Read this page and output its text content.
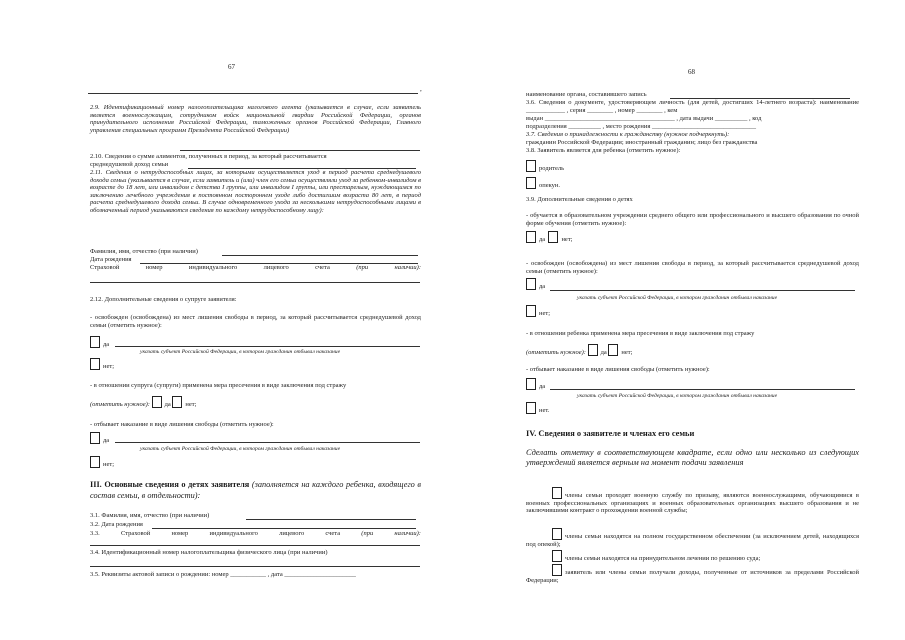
67
,
2.9. Идентификационный номер налогоплательщика налогового агента (указывается в случае, если заявитель является военнослужащим, сотрудником войск национальной гвардии Российской Федерации, органов принудительного исполнения Российской Федерации, таможенных органов Российской Федерации, Главного управления специальных программ Президента Российской Федерации)
2.10. Сведения о сумме алиментов, полученных в период, за который рассчитывается
среднедушевой доход семьи
2.11. Сведения о нетрудоспособных лицах, за которыми осуществляется уход в период расчета среднедушевого дохода семьи (указывается в случае, если заявитель и (или) член его семьи осуществляли уход за ребенком-инвалидом в возрасте до 18 лет, или инвалидом с детства I группы, или инвалидом I группы, или престарелым, нуждающимся по заключению лечебного учреждения в постоянном постороннем уходе либо достигшим возраста 80 лет, в период расчета среднедушевого дохода семьи. В случае одновременного ухода за несколькими нетрудоспособными лицами в обозначенный период указываются сведения по каждому нетрудоспособному лицу):
Фамилия, имя, отчество (при наличии)
Дата рождения
Страховой	номер	индивидуального	лицевого	счета	(при	наличии):
2.12. Дополнительные сведения о супруге заявителя:
- освобожден (освобождена) из мест лишения свободы в период, за который рассчитывается среднедушевой доход семьи (отметить нужное):
да
указать субъект Российской Федерации, в котором гражданин отбывал наказание
нет;
- в отношении супруга (супруги) применена мера пресечения в виде заключения под стражу
(отметить нужное): да нет;
- отбывает наказание в виде лишения свободы (отметить нужное):
да
указать субъект Российской Федерации, в котором гражданин отбывал наказание
нет;
III. Основные сведения о детях заявителя (заполняется на каждого ребенка, входящего в состав семьи, в отдельности):
3.1. Фамилия, имя, отчество (при наличии)
3.2. Дата рождения
3.3.	Страховой	номер	индивидуального	лицевого	счета	(при	наличии):
3.4. Идентификационный номер налогоплательщика физического лица (при наличии)
3.5. Реквизиты актовой записи о рождении: номер ___________ , дата ______________________
68
наименование органа, составившего запись
3.6. Сведения о документе, удостоверяющем личность (для детей, достигших 14-летнего возраста): наименование ____________ , серия ________ , номер ________ , кем
выдан ________________________________________ , дата выдачи __________ , код
подразделения __________ , место рождения ________________________________
3.7. Сведения о принадлежности к гражданству (нужное подчеркнуть):
гражданин Российской Федерации; иностранный гражданин; лицо без гражданства
3.8. Заявитель является для ребенка (отметить нужное):
родитель
опекун.
3.9. Дополнительные сведения о детях
- обучается в образовательном учреждении среднего общего или профессионального и высшего образования по очной форме обучения (отметить нужное):
да	нет;
- освобожден (освобождена) из мест лишения свободы в период, за который рассчитывается среднедушевой доход семьи (отметить нужное):
да
указать субъект Российской Федерации, в котором гражданин отбывал наказание
нет;
- в отношении ребенка применена мера пресечения в виде заключения под стражу
(отметить нужное): да нет;
- отбывает наказание в виде лишения свободы (отметить нужное):
да
указать субъект Российской Федерации, в котором гражданин отбывал наказание
нет.
IV. Сведения о заявителе и членах его семьи
Сделать отметку в соответствующем квадрате, если одно или несколько из следующих утверждений является верным на момент подачи заявления
члены семьи проходят военную службу по призыву, являются военнослужащими, обучающимися в военных профессиональных организациях и военных образовательных организациях высшего образования и не заключившими контракт о прохождении военной службы;
члены семьи находятся на полном государственном обеспечении (за исключением детей, находящихся под опекой);
члены семьи находятся на принудительном лечении по решению суда;
заявитель или члены семьи получали доходы, полученные от источников за пределами Российской Федерации;
